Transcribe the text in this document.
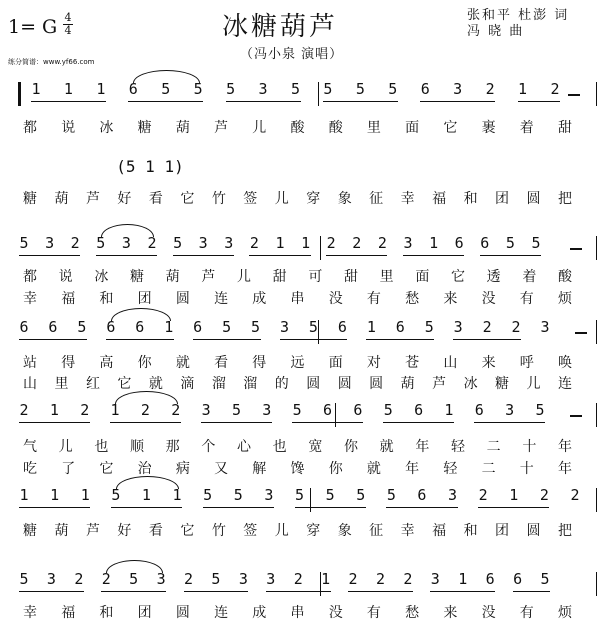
1= G 4
4	冰糖葫芦
（冯小泉 演唱）
张和平 杜澎 词
冯 晓 曲
练分简谱：www.yf66.com
1 1 1 6 5 5 5 3 5 5 5 5 6 3 2 1 2
都 说 冰 糖 葫 芦 儿 酸 酸 里 面 它 裹 着 甜
(5 1 1)
糖 葫 芦 好 看 它 竹 签 儿 穿 象 征 幸 福 和 团 圆 把
5 3 2 5 3 2 5 3 3 2 1 1 2 2 2 3 1 6 6 5 5
都 说 冰 糖 葫 芦 儿 甜 可 甜 里 面 它 透 着 酸
幸 福 和 团 圆 连 成 串 没 有 愁 来 没 有 烦
6 6 5 6 6 1 6 5 5 3 5 6 1 6 5 3 2 2 3
站 得 高 你 就 看 得 远 面 对 苍 山 来 呼 唤
山 里 红 它 就 滴 溜 溜 的 圆 圆 圆 葫 芦 冰 糖 儿 连
2 1 2 1 2 2 3 5 3 5 6 6 5 6 1 6 3 5
气 儿 也 顺 那 个 心 也 宽 你 就 年 轻 二 十 年
吃 了 它 治 病 又 解 馋 你 就 年 轻 二 十 年
1 1 1 5 1 1 5 5 3 5 5 5 5 6 3 2 1 2 2
糖 葫 芦 好 看 它 竹 签 儿 穿 象 征 幸 福 和 团 圆 把
5 3 2 2 5 3 2 5 3 3 2 1 2 2 2 3 1 6 6 5
幸 福 和 团 圆 连 成 串 没 有 愁 来 没 有 烦
